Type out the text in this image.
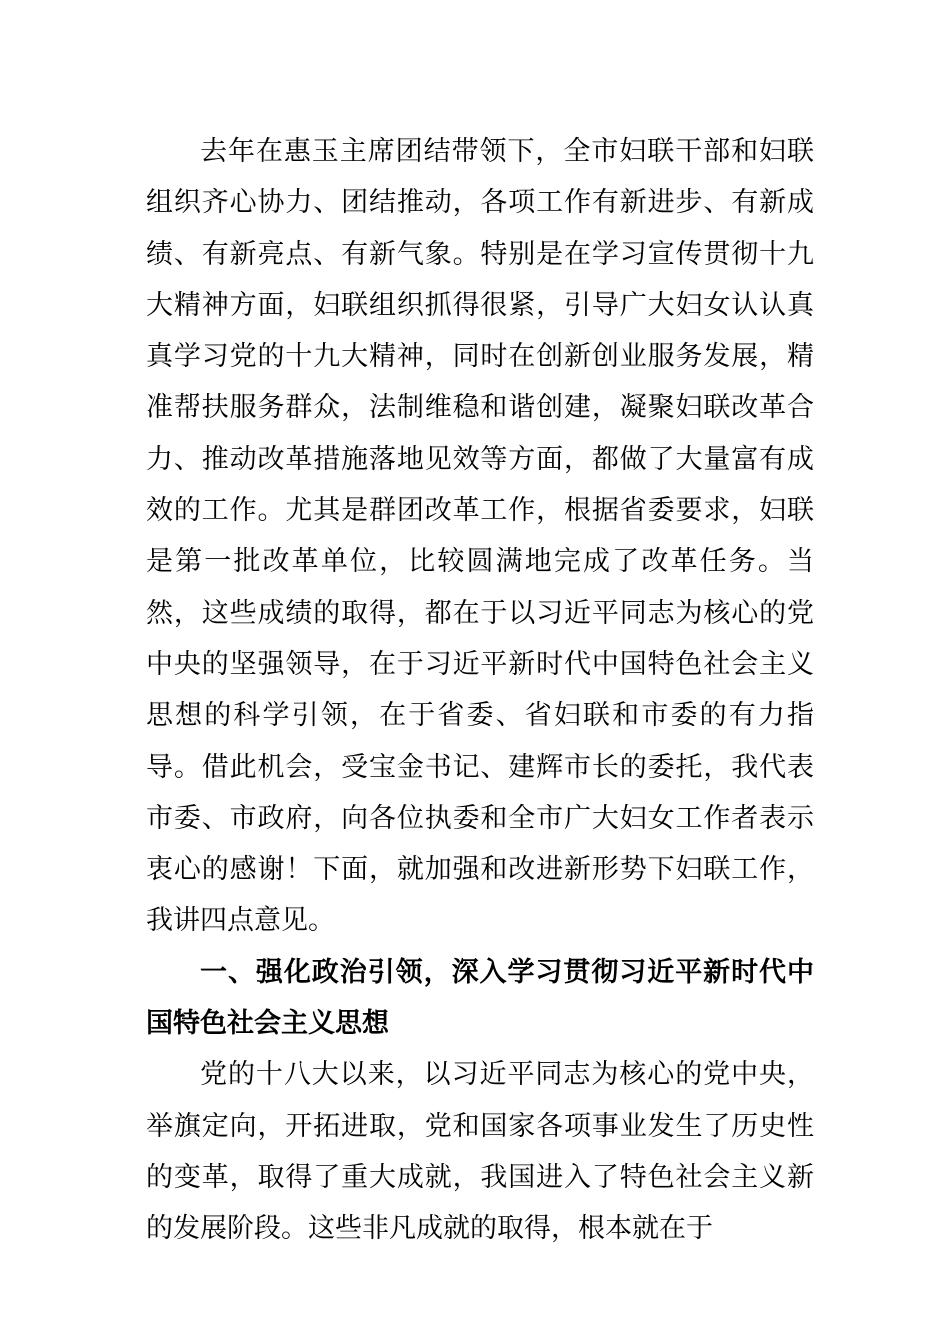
去年在惠玉主席团结带领下，全市妇联干部和妇联组织齐心协力、团结推动，各项工作有新进步、有新成绩、有新亮点、有新气象。特别是在学习宣传贯彻十九大精神方面，妇联组织抓得很紧，引导广大妇女认认真真学习党的十九大精神，同时在创新创业服务发展，精准帮扶服务群众，法制维稳和谐创建，凝聚妇联改革合力、推动改革措施落地见效等方面，都做了大量富有成效的工作。尤其是群团改革工作，根据省委要求，妇联是第一批改革单位，比较圆满地完成了改革任务。当然，这些成绩的取得，都在于以习近平同志为核心的党中央的坚强领导，在于习近平新时代中国特色社会主义思想的科学引领，在于省委、省妇联和市委的有力指导。借此机会，受宝金书记、建辉市长的委托，我代表市委、市政府，向各位执委和全市广大妇女工作者表示衷心的感谢！下面，就加强和改进新形势下妇联工作，我讲四点意见。

一、强化政治引领，深入学习贯彻习近平新时代中国特色社会主义思想

党的十八大以来，以习近平同志为核心的党中央，举旗定向，开拓进取，党和国家各项事业发生了历史性的变革，取得了重大成就，我国进入了特色社会主义新的发展阶段。这些非凡成就的取得，根本就在于
